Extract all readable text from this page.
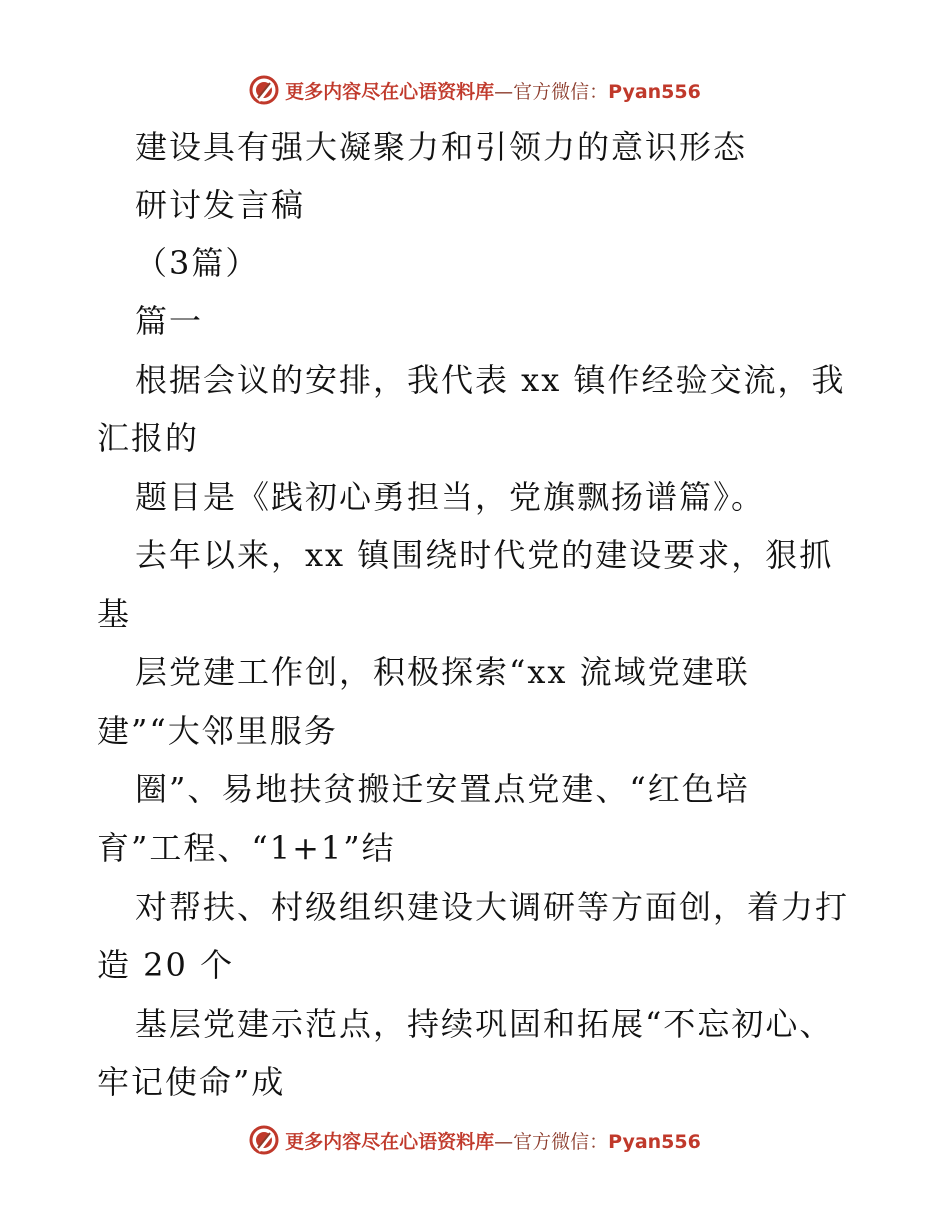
更多内容尽在心语资料库—官方微信：Pyan556
建设具有强大凝聚力和引领力的意识形态
研讨发言稿
（3篇）
篇一
根据会议的安排，我代表 xx 镇作经验交流，我
汇报的
题目是《践初心勇担当，党旗飘扬谱篇》。
去年以来，xx 镇围绕时代党的建设要求，狠抓
基
层党建工作创，积极探索“xx 流域党建联
建”“大邻里服务
圈”、易地扶贫搬迁安置点党建、“红色培
育”工程、“1+1”结
对帮扶、村级组织建设大调研等方面创，着力打
造 20 个
基层党建示范点，持续巩固和拓展“不忘初心、
牢记使命”成
更多内容尽在心语资料库—官方微信：Pyan556
